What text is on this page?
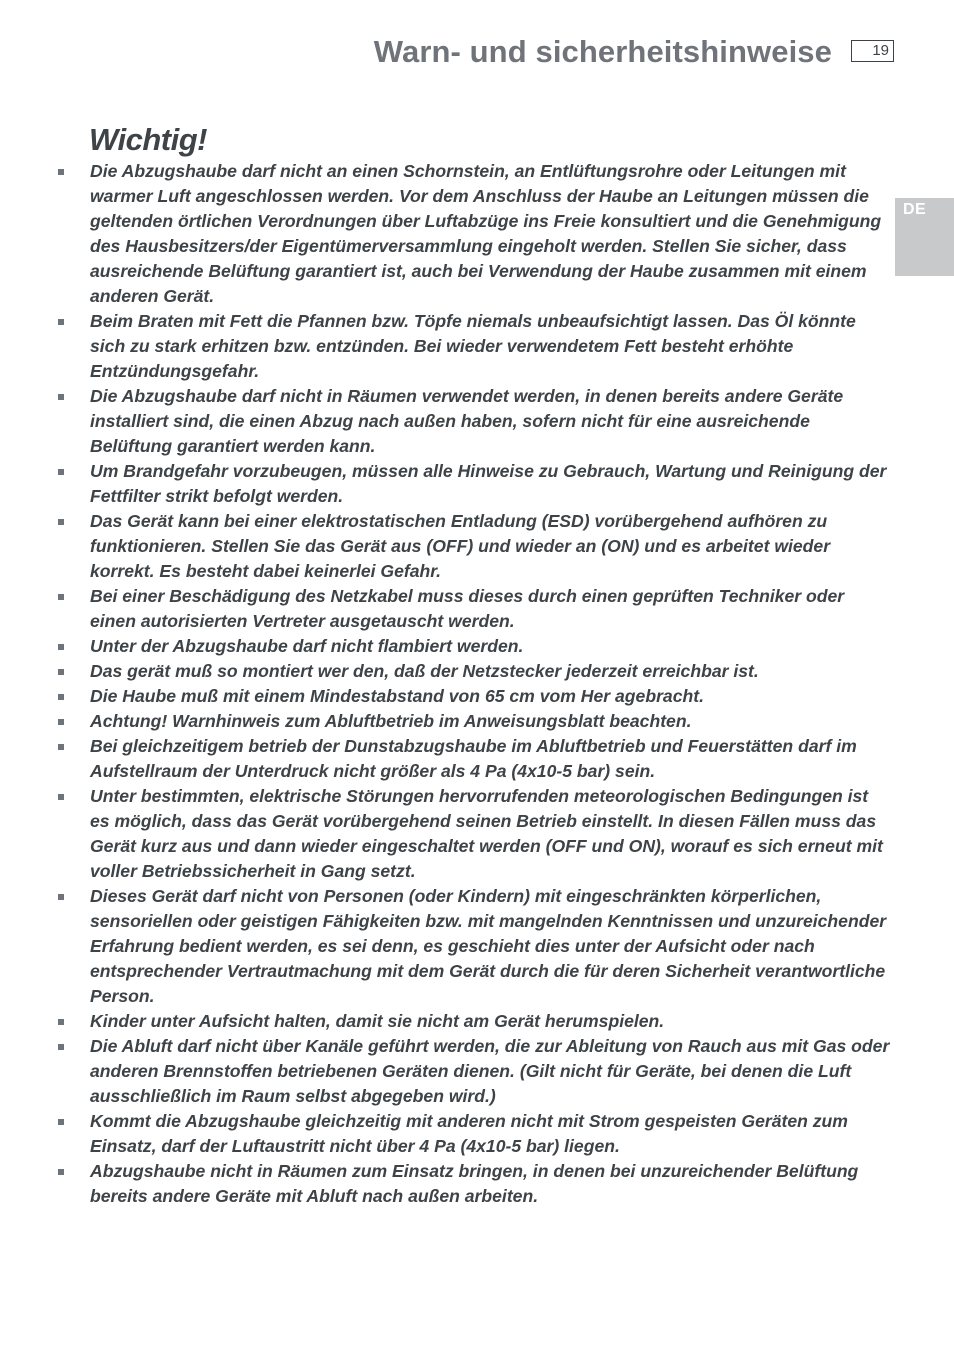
Warn- und sicherheitshinweise	19
DE
Wichtig!
Die Abzugshaube darf nicht an einen Schornstein, an Entlüftungsrohre oder Leitungen mit warmer Luft angeschlossen werden. Vor dem Anschluss der Haube an Leitungen müssen die geltenden örtlichen Verordnungen über Luftabzüge ins Freie konsultiert und die Genehmigung des Hausbesitzers/der Eigentümerversammlung eingeholt werden. Stellen Sie sicher, dass ausreichende Belüftung garantiert ist, auch bei Verwendung der Haube zusammen mit einem anderen Gerät.
Beim Braten mit Fett die Pfannen bzw. Töpfe niemals unbeaufsichtigt lassen. Das Öl könnte sich zu stark erhitzen bzw. entzünden. Bei wieder verwendetem Fett besteht erhöhte Entzündungsgefahr.
Die Abzugshaube darf nicht in Räumen verwendet werden, in denen bereits andere Geräte installiert sind, die einen Abzug nach außen haben, sofern nicht für eine ausreichende Belüftung garantiert werden kann.
Um Brandgefahr vorzubeugen, müssen alle Hinweise zu Gebrauch, Wartung und Reinigung der Fettfilter strikt befolgt werden.
Das Gerät kann bei einer elektrostatischen Entladung (ESD) vorübergehend aufhören zu funktionieren. Stellen Sie das Gerät aus (OFF) und wieder an (ON) und es arbeitet wieder korrekt. Es besteht dabei keinerlei Gefahr.
Bei einer Beschädigung des Netzkabel muss dieses durch einen geprüften Techniker oder einen autorisierten Vertreter ausgetauscht werden.
Unter der Abzugshaube darf nicht flambiert werden.
Das gerät muß so montiert wer den, daß der Netzstecker jederzeit erreichbar ist.
Die Haube muß mit einem Mindestabstand von 65 cm vom Her agebracht.
Achtung! Warnhinweis zum Abluftbetrieb im Anweisungsblatt beachten.
Bei gleichzeitigem betrieb der Dunstabzugshaube im Abluftbetrieb und Feuerstätten darf im Aufstellraum der Unterdruck nicht größer als 4 Pa (4x10-5 bar) sein.
Unter bestimmten, elektrische Störungen hervorrufenden meteorologischen Bedingungen ist es möglich, dass das Gerät vorübergehend seinen Betrieb einstellt. In diesen Fällen muss das Gerät kurz aus und dann wieder eingeschaltet werden (OFF und ON), worauf es sich erneut mit voller Betriebssicherheit in Gang setzt.
Dieses Gerät darf nicht von Personen (oder Kindern) mit eingeschränkten körperlichen, sensoriellen oder geistigen Fähigkeiten bzw. mit mangelnden Kenntnissen und unzureichender Erfahrung bedient werden, es sei denn, es geschieht dies unter der Aufsicht oder nach entsprechender Vertrautmachung mit dem Gerät durch die für deren Sicherheit verantwortliche Person.
Kinder unter Aufsicht halten, damit sie nicht am Gerät herumspielen.
Die Abluft darf nicht über Kanäle geführt werden, die zur Ableitung von Rauch aus mit Gas oder anderen Brennstoffen betriebenen Geräten dienen. (Gilt nicht für Geräte, bei denen die Luft ausschließlich im Raum selbst abgegeben wird.)
Kommt die Abzugshaube gleichzeitig mit anderen nicht mit Strom gespeisten Geräten zum Einsatz, darf der Luftaustritt nicht über 4 Pa (4x10-5 bar) liegen.
Abzugshaube nicht in Räumen zum Einsatz bringen, in denen bei unzureichender Belüftung bereits andere Geräte mit Abluft nach außen arbeiten.
